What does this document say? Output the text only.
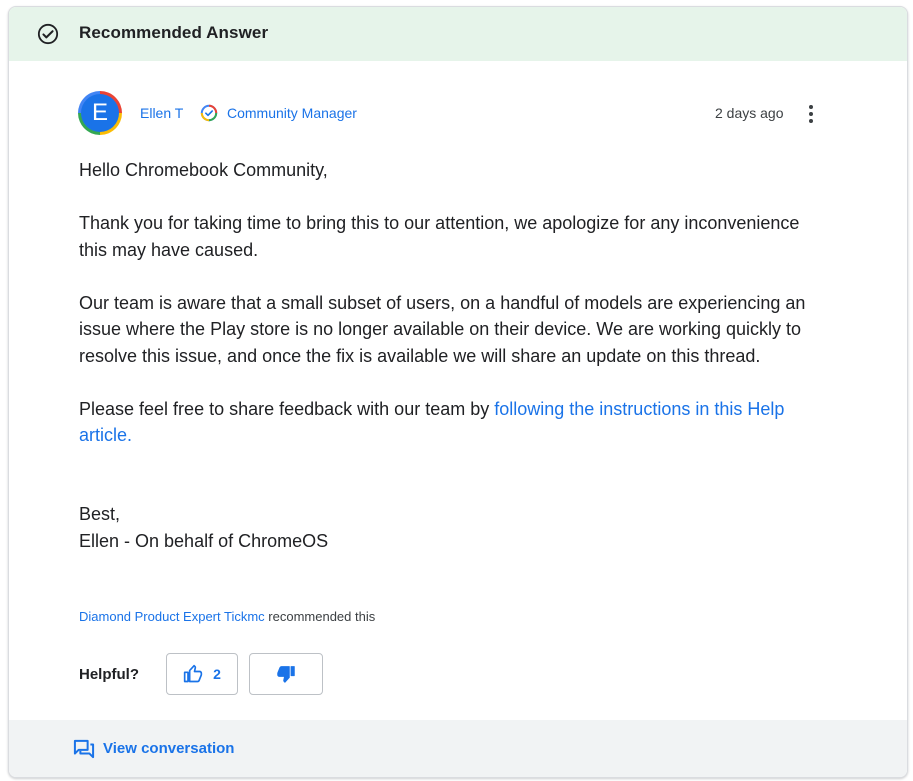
Recommended Answer
E	Ellen T	Community Manager	2 days ago

Hello Chromebook Community,

Thank you for taking time to bring this to our attention, we apologize for any inconvenience this may have caused.

Our team is aware that a small subset of users, on a handful of models are experiencing an issue where the Play store is no longer available on their device. We are working quickly to resolve this issue, and once the fix is available we will share an update on this thread.

Please feel free to share feedback with our team by following the instructions in this Help article.

Best,
Ellen - On behalf of ChromeOS
Diamond Product Expert Tickmc recommended this
Helpful?	2
View conversation
